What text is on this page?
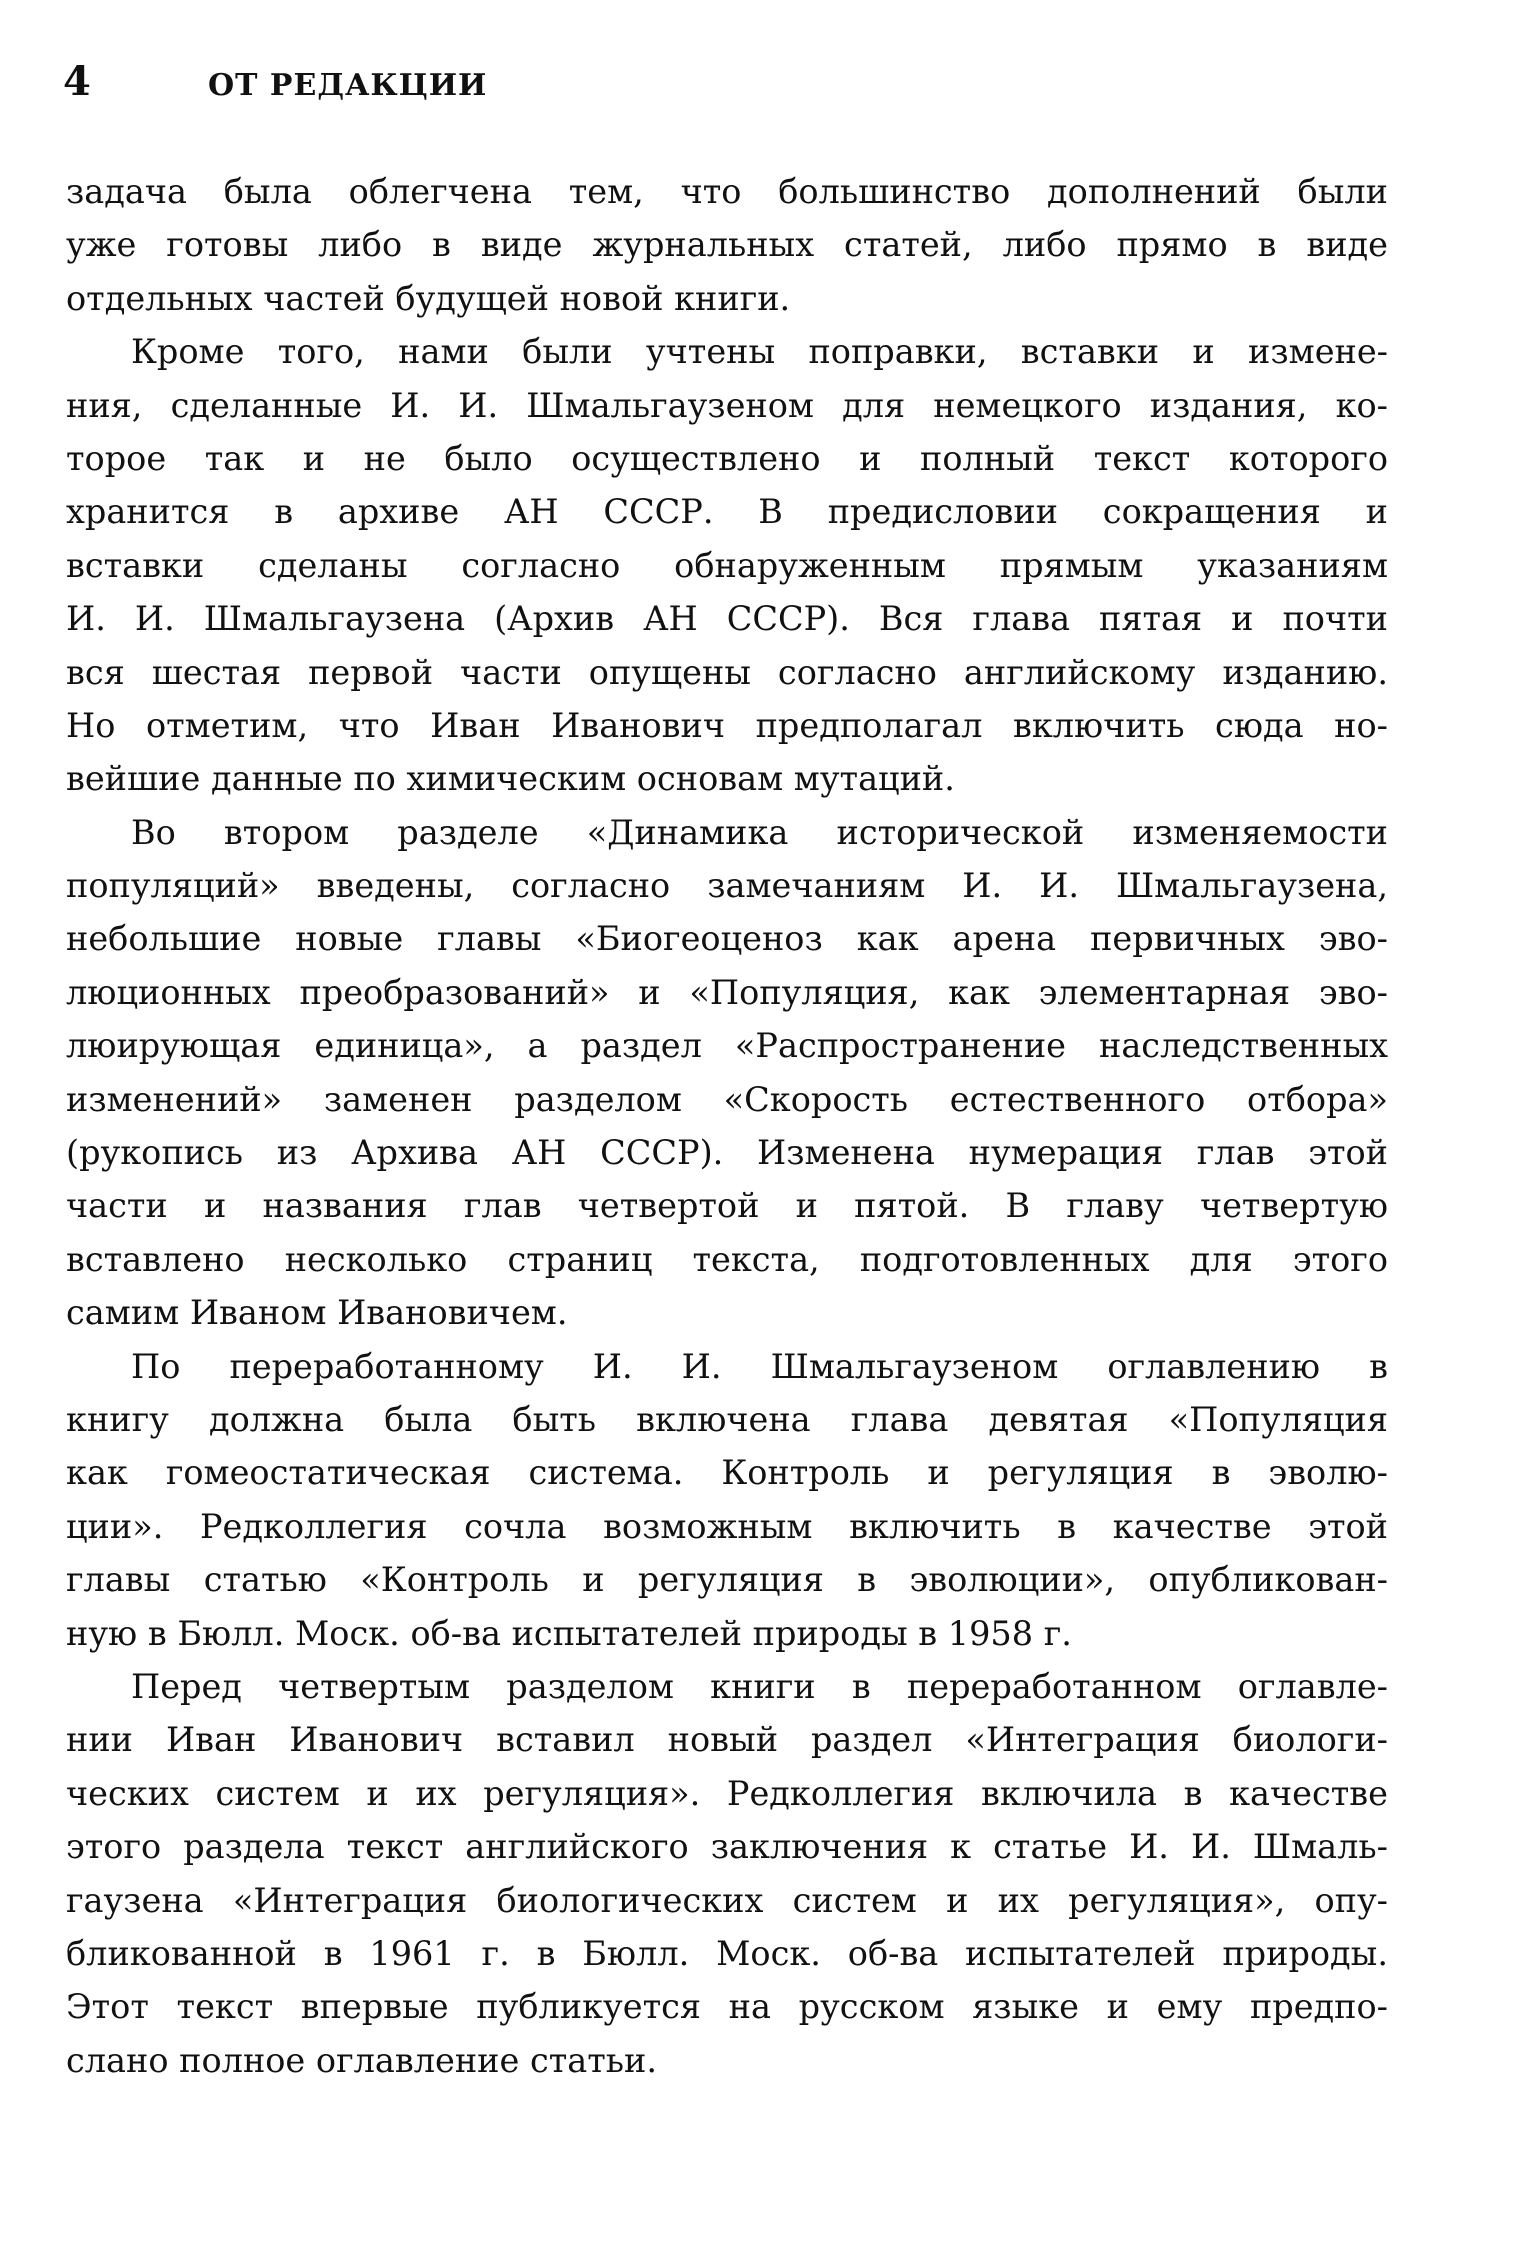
4	ОТ РЕДАКЦИИ
задача была облегчена тем, что большинство дополнений были
уже готовы либо в виде журнальных статей, либо прямо в виде
отдельных частей будущей новой книги.
Кроме того, нами были учтены поправки, вставки и измене-
ния, сделанные И. И. Шмальгаузеном для немецкого издания, ко-
торое так и не было осуществлено и полный текст которого
хранится в архиве АН СССР. В предисловии сокращения и
вставки сделаны согласно обнаруженным прямым указаниям
И. И. Шмальгаузена (Архив АН СССР). Вся глава пятая и почти
вся шестая первой части опущены согласно английскому изданию.
Но отметим, что Иван Иванович предполагал включить сюда но-
вейшие данные по химическим основам мутаций.
Во втором разделе «Динамика исторической изменяемости
популяций» введены, согласно замечаниям И. И. Шмальгаузена,
небольшие новые главы «Биогеоценоз как арена первичных эво-
люционных преобразований» и «Популяция, как элементарная эво-
люирующая единица», а раздел «Распространение наследственных
изменений» заменен разделом «Скорость естественного отбора»
(рукопись из Архива АН СССР). Изменена нумерация глав этой
части и названия глав четвертой и пятой. В главу четвертую
вставлено несколько страниц текста, подготовленных для этого
самим Иваном Ивановичем.
По переработанному И. И. Шмальгаузеном оглавлению в
книгу должна была быть включена глава девятая «Популяция
как гомеостатическая система. Контроль и регуляция в эволю-
ции». Редколлегия сочла возможным включить в качестве этой
главы статью «Контроль и регуляция в эволюции», опубликован-
ную в Бюлл. Моск. об-ва испытателей природы в 1958 г.
Перед четвертым разделом книги в переработанном оглавле-
нии Иван Иванович вставил новый раздел «Интеграция биологи-
ческих систем и их регуляция». Редколлегия включила в качестве
этого раздела текст английского заключения к статье И. И. Шмаль-
гаузена «Интеграция биологических систем и их регуляция», опу-
бликованной в 1961 г. в Бюлл. Моск. об-ва испытателей природы.
Этот текст впервые публикуется на русском языке и ему предпо-
слано полное оглавление статьи.
